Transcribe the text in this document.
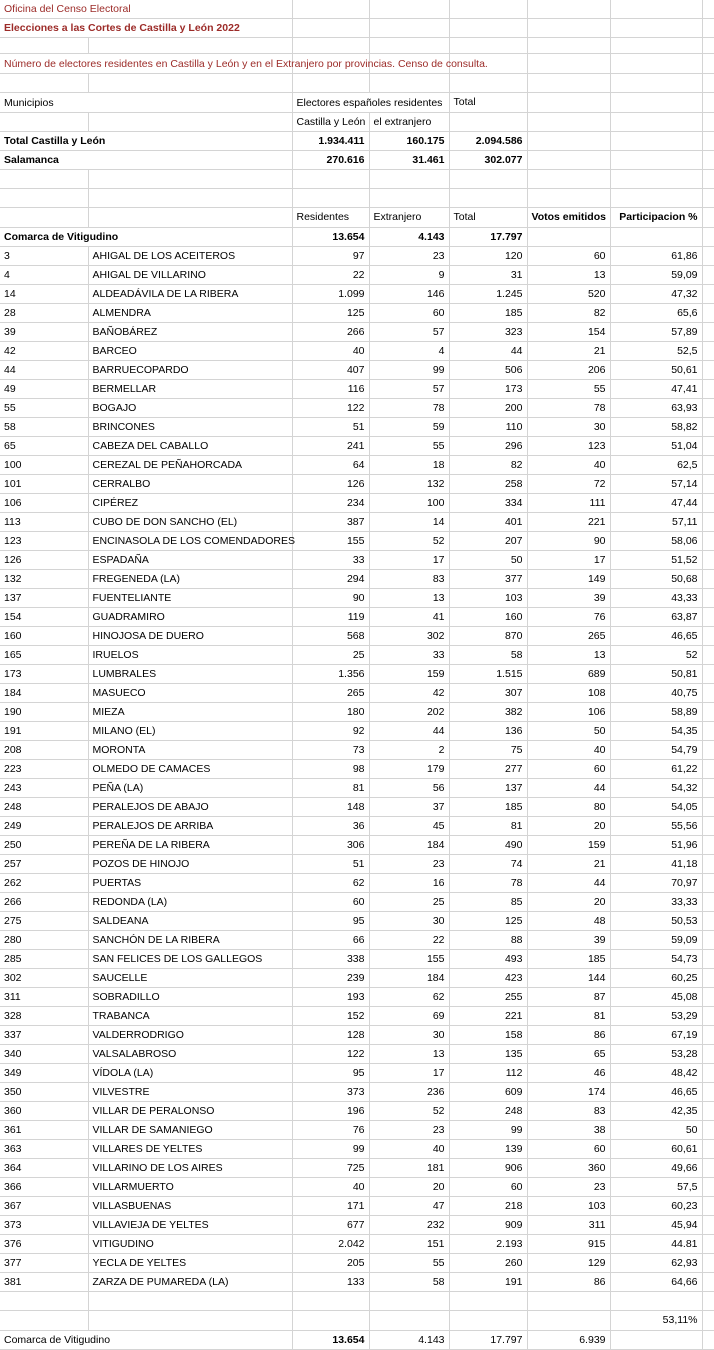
Oficina del Censo Electoral							

Elecciones a las Cortes de Castilla y León 2022							

Número de electores residentes en Castilla y León y en el Extranjero por provincias. Censo de consulta.							

Municipios		Electores españoles residentes		Total			
		Castilla y León	el extranjero				

Total Castilla y León		1.934.411	160.175	2.094.586			

Salamanca		270.616	31.461	302.077			

		Residentes	Extranjero	Total	Votos emitidos	Participacion %	

Comarca de Vitigudino		13.654	4.143	17.797			
3	AHIGAL DE LOS ACEITEROS	97	23	120	60	61,86	
4	AHIGAL DE VILLARINO	22	9	31	13	59,09	
14	ALDEADÁVILA DE LA RIBERA	1.099	146	1.245	520	47,32	
28	ALMENDRA	125	60	185	82	65,6	
39	BAÑOBÁREZ	266	57	323	154	57,89	
42	BARCEO	40	4	44	21	52,5	
44	BARRUECOPARDO	407	99	506	206	50,61	
49	BERMELLAR	116	57	173	55	47,41	
55	BOGAJO	122	78	200	78	63,93	
58	BRINCONES	51	59	110	30	58,82	
65	CABEZA DEL CABALLO	241	55	296	123	51,04	
100	CEREZAL DE PEÑAHORCADA	64	18	82	40	62,5	
101	CERRALBO	126	132	258	72	57,14	
106	CIPÉREZ	234	100	334	111	47,44	
113	CUBO DE DON SANCHO (EL)	387	14	401	221	57,11	
123	ENCINASOLA DE LOS COMENDADORES	155	52	207	90	58,06	
126	ESPADAÑA	33	17	50	17	51,52	
132	FREGENEDA (LA)	294	83	377	149	50,68	
137	FUENTELIANTE	90	13	103	39	43,33	
154	GUADRAMIRO	119	41	160	76	63,87	
160	HINOJOSA DE DUERO	568	302	870	265	46,65	
165	IRUELOS	25	33	58	13	52	
173	LUMBRALES	1.356	159	1.515	689	50,81	
184	MASUECO	265	42	307	108	40,75	
190	MIEZA	180	202	382	106	58,89	
191	MILANO (EL)	92	44	136	50	54,35	
208	MORONTA	73	2	75	40	54,79	
223	OLMEDO DE CAMACES	98	179	277	60	61,22	
243	PEÑA (LA)	81	56	137	44	54,32	
248	PERALEJOS DE ABAJO	148	37	185	80	54,05	
249	PERALEJOS DE ARRIBA	36	45	81	20	55,56	
250	PEREÑA DE LA RIBERA	306	184	490	159	51,96	
257	POZOS DE HINOJO	51	23	74	21	41,18	
262	PUERTAS	62	16	78	44	70,97	
266	REDONDA (LA)	60	25	85	20	33,33	
275	SALDEANA	95	30	125	48	50,53	
280	SANCHÓN DE LA RIBERA	66	22	88	39	59,09	
285	SAN FELICES DE LOS GALLEGOS	338	155	493	185	54,73	
302	SAUCELLE	239	184	423	144	60,25	
311	SOBRADILLO	193	62	255	87	45,08	
328	TRABANCA	152	69	221	81	53,29	
337	VALDERRODRIGO	128	30	158	86	67,19	
340	VALSALABROSO	122	13	135	65	53,28	
349	VÍDOLA (LA)	95	17	112	46	48,42	
350	VILVESTRE	373	236	609	174	46,65	
360	VILLAR DE PERALONSO	196	52	248	83	42,35	
361	VILLAR DE SAMANIEGO	76	23	99	38	50	
363	VILLARES DE YELTES	99	40	139	60	60,61	
364	VILLARINO DE LOS AIRES	725	181	906	360	49,66	
366	VILLARMUERTO	40	20	60	23	57,5	
367	VILLASBUENAS	171	47	218	103	60,23	
373	VILLAVIEJA DE YELTES	677	232	909	311	45,94	
376	VITIGUDINO	2.042	151	2.193	915	44.81	
377	YECLA DE YELTES	205	55	260	129	62,93	
381	ZARZA DE PUMAREDA (LA)	133	58	191	86	64,66	

						53,11%	

Comarca de Vitigudino		13.654	4.143	17.797	6.939		
